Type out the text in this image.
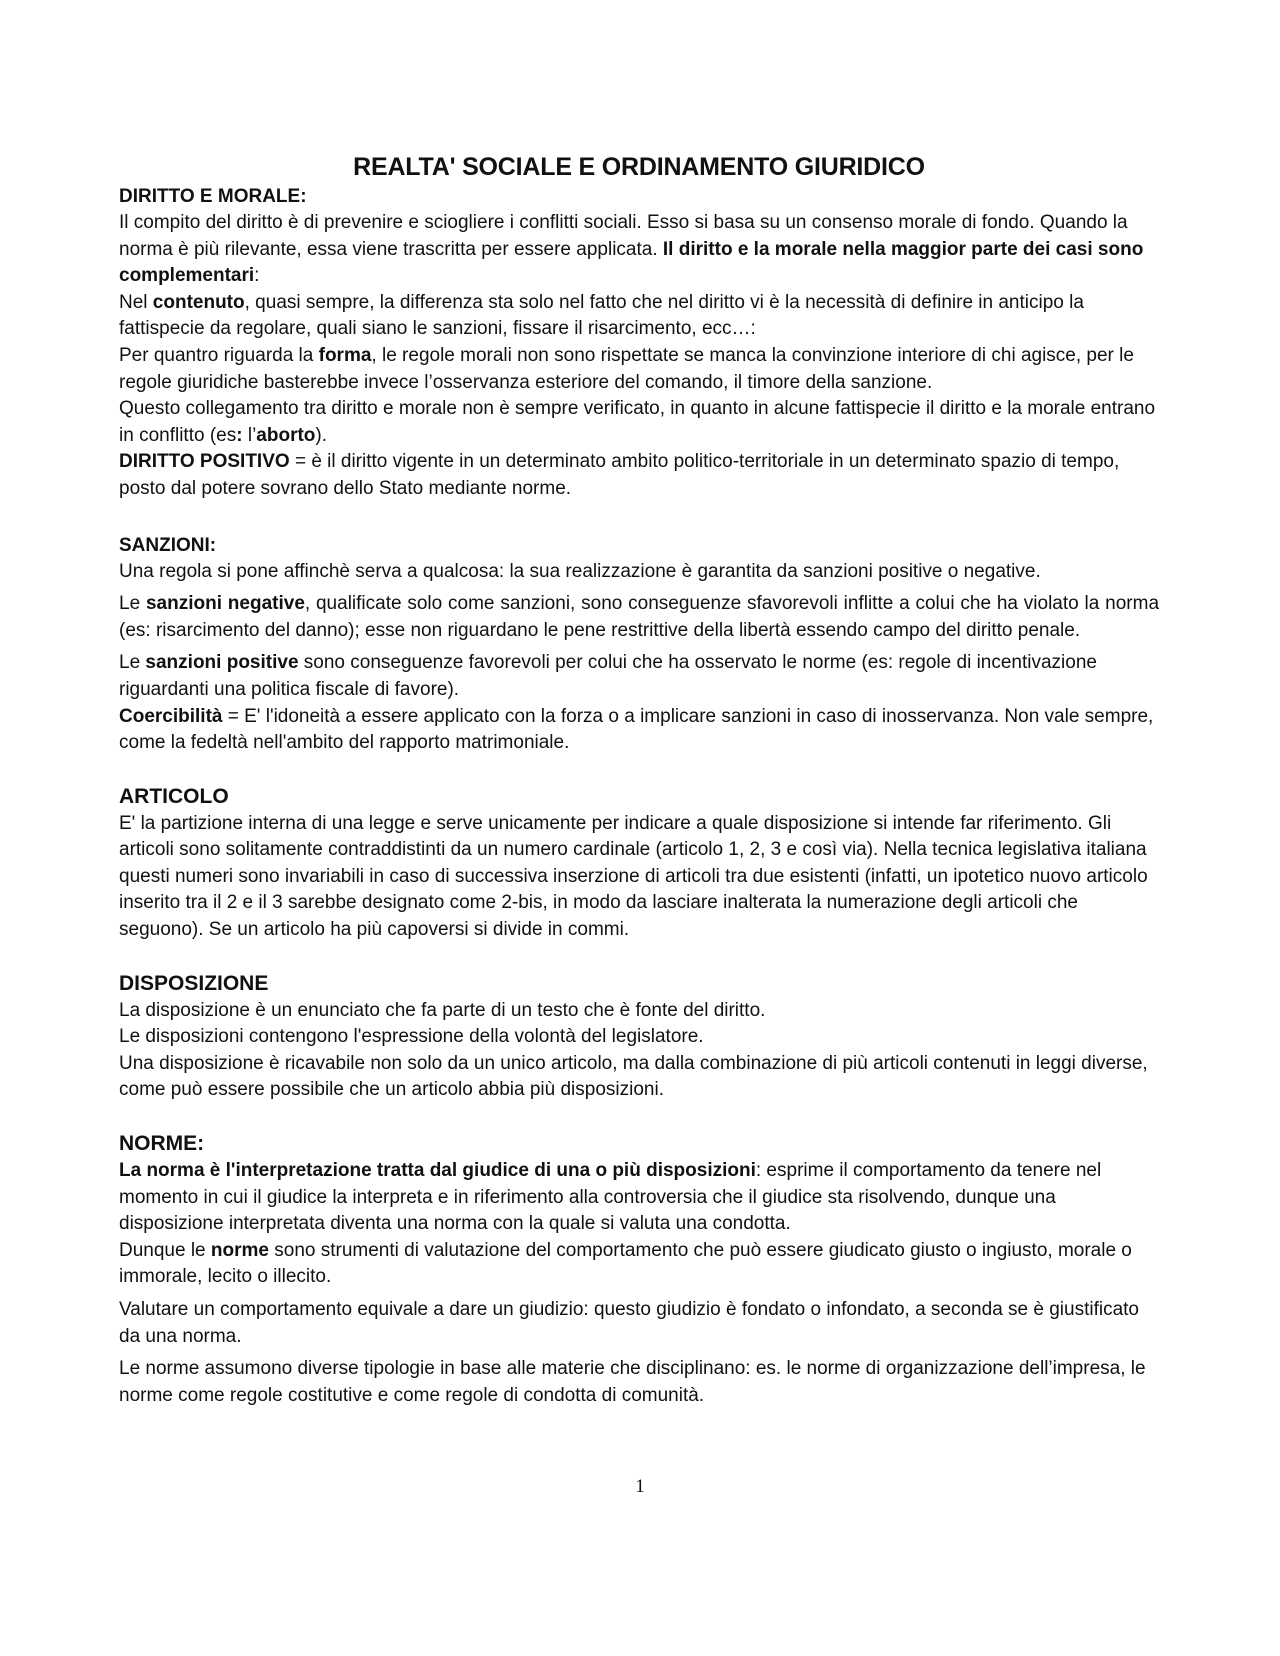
REALTA' SOCIALE E ORDINAMENTO GIURIDICO
DIRITTO E MORALE:

Il compito del diritto è di prevenire e sciogliere i conflitti sociali. Esso si basa su un consenso morale di fondo. Quando la norma è più rilevante, essa viene trascritta per essere applicata. Il diritto e la morale nella maggior parte dei casi sono complementari:

Nel contenuto, quasi sempre, la differenza sta solo nel fatto che nel diritto vi è la necessità di definire in anticipo la fattispecie da regolare, quali siano le sanzioni, fissare il risarcimento, ecc…:

Per quantro riguarda la forma, le regole morali non sono rispettate se manca la convinzione interiore di chi agisce, per le regole giuridiche basterebbe invece l’osservanza esteriore del comando, il timore della sanzione.

Questo collegamento tra diritto e morale non è sempre verificato, in quanto in alcune fattispecie il diritto e la morale entrano in conflitto (es: l’aborto).

DIRITTO POSITIVO = è il diritto vigente in un determinato ambito politico-territoriale in un determinato spazio di tempo, posto dal potere sovrano dello Stato mediante norme.

SANZIONI:

Una regola si pone affinchè serva a qualcosa: la sua realizzazione è garantita da sanzioni positive o negative.

Le sanzioni negative, qualificate solo come sanzioni, sono conseguenze sfavorevoli inflitte a colui che ha violato la norma (es: risarcimento del danno); esse non riguardano le pene restrittive della libertà essendo campo del diritto penale.

Le sanzioni positive sono conseguenze favorevoli per colui che ha osservato le norme (es: regole di incentivazione riguardanti una politica fiscale di favore).

Coercibilità = E' l'idoneità a essere applicato con la forza o a implicare sanzioni in caso di inosservanza. Non vale sempre, come la fedeltà nell'ambito del rapporto matrimoniale.

ARTICOLO

E' la partizione interna di una legge e serve unicamente per indicare a quale disposizione si intende far riferimento. Gli articoli sono solitamente contraddistinti da un numero cardinale (articolo 1, 2, 3 e così via). Nella tecnica legislativa italiana questi numeri sono invariabili in caso di successiva inserzione di articoli tra due esistenti (infatti, un ipotetico nuovo articolo inserito tra il 2 e il 3 sarebbe designato come 2-bis, in modo da lasciare inalterata la numerazione degli articoli che seguono). Se un articolo ha più capoversi si divide in commi.

DISPOSIZIONE

La disposizione è un enunciato che fa parte di un testo che è fonte del diritto.

Le disposizioni contengono l'espressione della volontà del legislatore.

Una disposizione è ricavabile non solo da un unico articolo, ma dalla combinazione di più articoli contenuti in leggi diverse, come può essere possibile che un articolo abbia più disposizioni.

NORME:

La norma è l'interpretazione tratta dal giudice di una o più disposizioni: esprime il comportamento da tenere nel momento in cui il giudice la interpreta e in riferimento alla controversia che il giudice sta risolvendo, dunque una disposizione interpretata diventa una norma con la quale si valuta una condotta.

Dunque le norme sono strumenti di valutazione del comportamento che può essere giudicato giusto o ingiusto, morale o immorale, lecito o illecito.

Valutare un comportamento equivale a dare un giudizio: questo giudizio è fondato o infondato, a seconda se è giustificato da una norma.

Le norme assumono diverse tipologie in base alle materie che disciplinano: es. le norme di organizzazione dell’impresa, le norme come regole costitutive e come regole di condotta di comunità.

1
